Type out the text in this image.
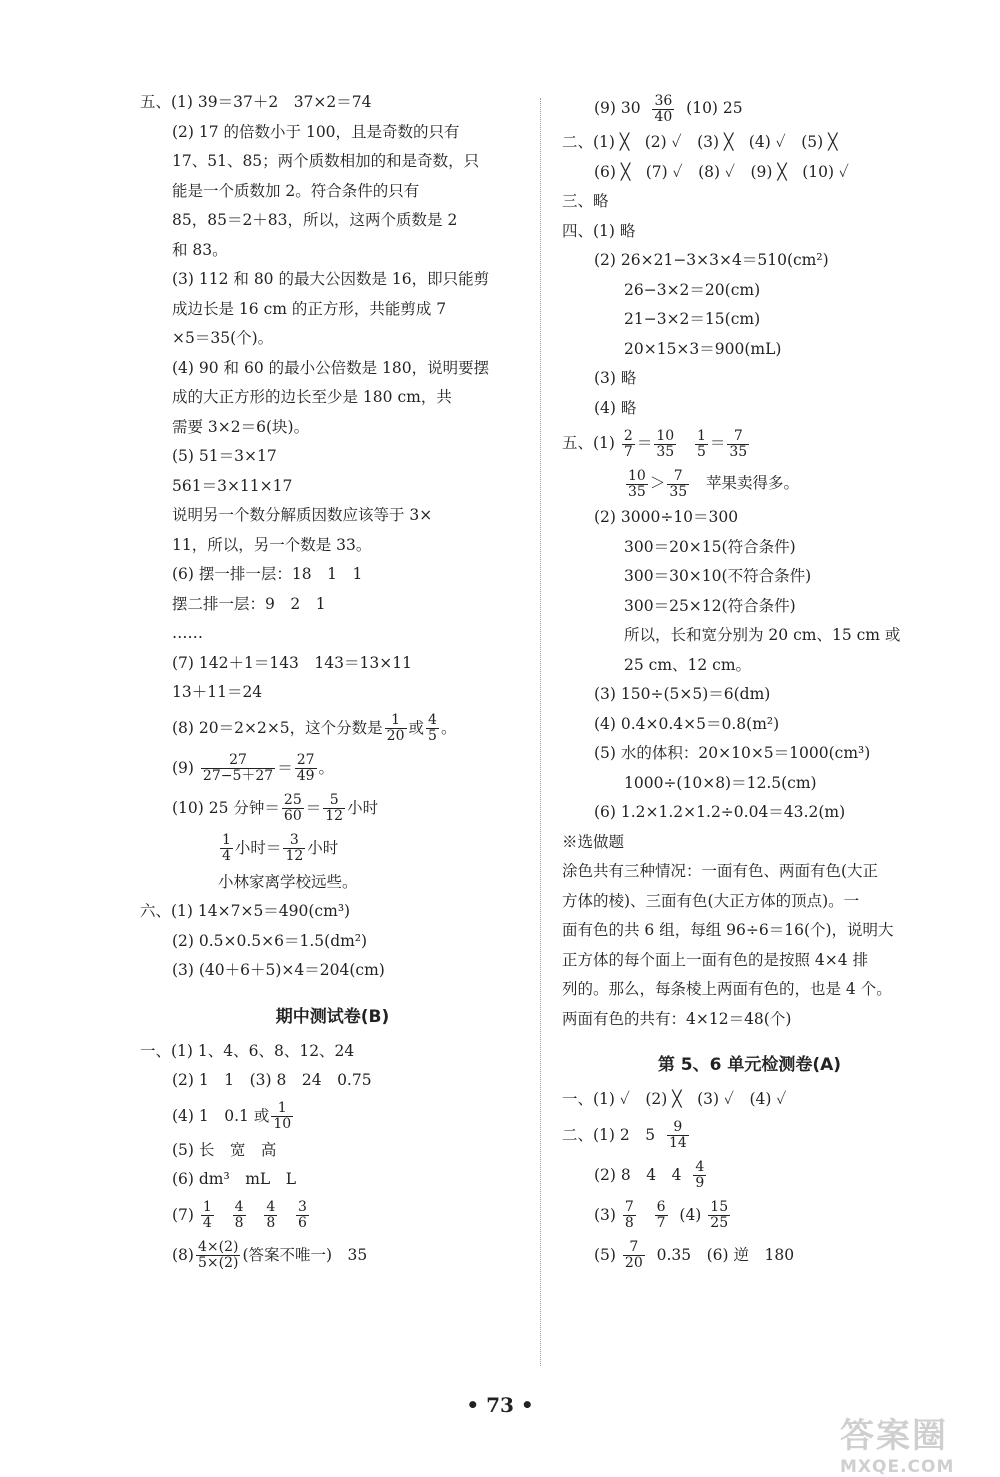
五、(1) 39＝37＋2　37×2＝74
(2) 17 的倍数小于 100，且是奇数的只有
17、51、85；两个质数相加的和是奇数，只
能是一个质数加 2。符合条件的只有
85，85＝2＋83，所以，这两个质数是 2
和 83。
(3) 112 和 80 的最大公因数是 16，即只能剪
成边长是 16 cm 的正方形，共能剪成 7
×5＝35(个)。
(4) 90 和 60 的最小公倍数是 180，说明要摆
成的大正方形的边长至少是 180 cm，共
需要 3×2＝6(块)。
(5) 51＝3×17
561＝3×11×17
说明另一个数分解质因数应该等于 3×
11，所以，另一个数是 33。
(6) 摆一排一层：18　1　1
摆二排一层：9　2　1
……
(7) 142＋1＝143　143＝13×11
13＋11＝24
(8) 20＝2×2×5，这个分数是 $\frac{1}{20}$ 或 $\frac{4}{5}$ 。
$(9) \frac{27}{27-5+27} = \frac{27}{49}$ 。
(10) 25 分钟＝ $\frac{25}{60} = \frac{5}{12}$ 小时
$\frac{1}{4}$ 小时＝ $\frac{3}{12}$ 小时
小林家离学校远些。
六、(1) 14×7×5＝490(cm³)
(2) 0.5×0.5×6＝1.5(dm²)
(3) (40＋6＋5)×4＝204(cm)
期中测试卷(B)
一、(1) 1、4、6、8、12、24
(2) 1　1　(3) 8　24　0.75
(4) 1　0.1 或 $\frac{1}{10}$
(5) 长　宽　高
(6) dm³　mL　L
$(7) \frac{1}{4}$
$\frac{4}{8}$
$\frac{4}{8}$
$\frac{3}{6}$
$(8) \frac{4\times(2)}{5\times(2)}$ (答案不唯一)　35
(9) $30 \frac{36}{40} (10)$ 25
二、(1) ╳　(2) ✓　(3) ╳　(4) ✓　(5) ╳
(6) ╳　(7) ✓　(8) ✓　(9) ╳　(10) ✓
三、略
四、(1) 略
(2) 26×21−3×3×4＝510(cm²)
26−3×2＝20(cm)
21−3×2＝15(cm)
20×15×3＝900(mL)
(3) 略
(4) 略
五、$(1) \frac{2}{7} = \frac{10}{35}$
$\frac{1}{5} = \frac{7}{35}$
$\frac{10}{35} > \frac{7}{35}$ 苹果卖得多。
(2) 3000÷10＝300
300＝20×15(符合条件)
300＝30×10(不符合条件)
300＝25×12(符合条件)
所以，长和宽分别为 20 cm、15 cm 或
25 cm、12 cm。
(3) 150÷(5×5)＝6(dm)
(4) 0.4×0.4×5＝0.8(m²)
(5) 水的体积：20×10×5＝1000(cm³)
1000÷(10×8)＝12.5(cm)
(6) 1.2×1.2×1.2÷0.04＝43.2(m)
※选做题
涂色共有三种情况：一面有色、两面有色(大正
方体的棱)、三面有色(大正方体的顶点)。一
面有色的共 6 组，每组 96÷6＝16(个)，说明大
正方体的每个面上一面有色的是按照 4×4 排
列的。那么，每条棱上两面有色的，也是 4 个。
两面有色的共有：4×12＝48(个)
第 5、6 单元检测卷(A)
一、(1) ✓　(2) ╳　(3) ✓　(4) ✓
二、(1) 2　$5 \frac{9}{14}$
(2) 8　4　$4 \frac{4}{9}$
$(3) \frac{7}{8}$
$\frac{6}{7} (4) \frac{15}{25}$
$(5) \frac{7}{20} 0.35$　(6) 逆　180
• 73 •
答案圈
MXQE.COM
